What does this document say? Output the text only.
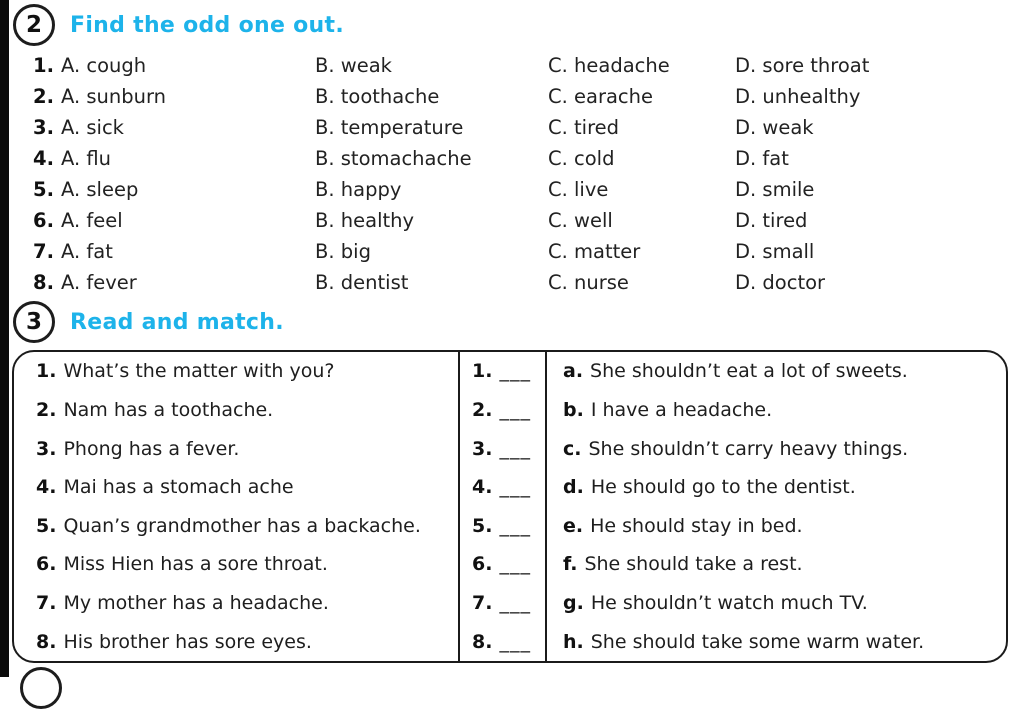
2	Find the odd one out.
1. A. cough	B. weak	C. headache	D. sore throat
2. A. sunburn	B. toothache	C. earache	D. unhealthy
3. A. sick	B. temperature	C. tired	D. weak
4. A. flu	B. stomachache	C. cold	D. fat
5. A. sleep	B. happy	C. live	D. smile
6. A. feel	B. healthy	C. well	D. tired
7. A. fat	B. big	C. matter	D. small
8. A. fever	B. dentist	C. nurse	D. doctor
3	Read and match.
1. What’s the matter with you?	1. ___ a. She shouldn’t eat a lot of sweets.
2. Nam has a toothache.	2. ___ b. I have a headache.
3. Phong has a fever.	3. ___ c. She shouldn’t carry heavy things.
4. Mai has a stomach ache	4. ___ d. He should go to the dentist.
5. Quan’s grandmother has a backache.	5. ___ e. He should stay in bed.
6. Miss Hien has a sore throat.	6. ___ f. She should take a rest.
7. My mother has a headache.	7. ___ g. He shouldn’t watch much TV.
8. His brother has sore eyes.	8. ___ h. She should take some warm water.
